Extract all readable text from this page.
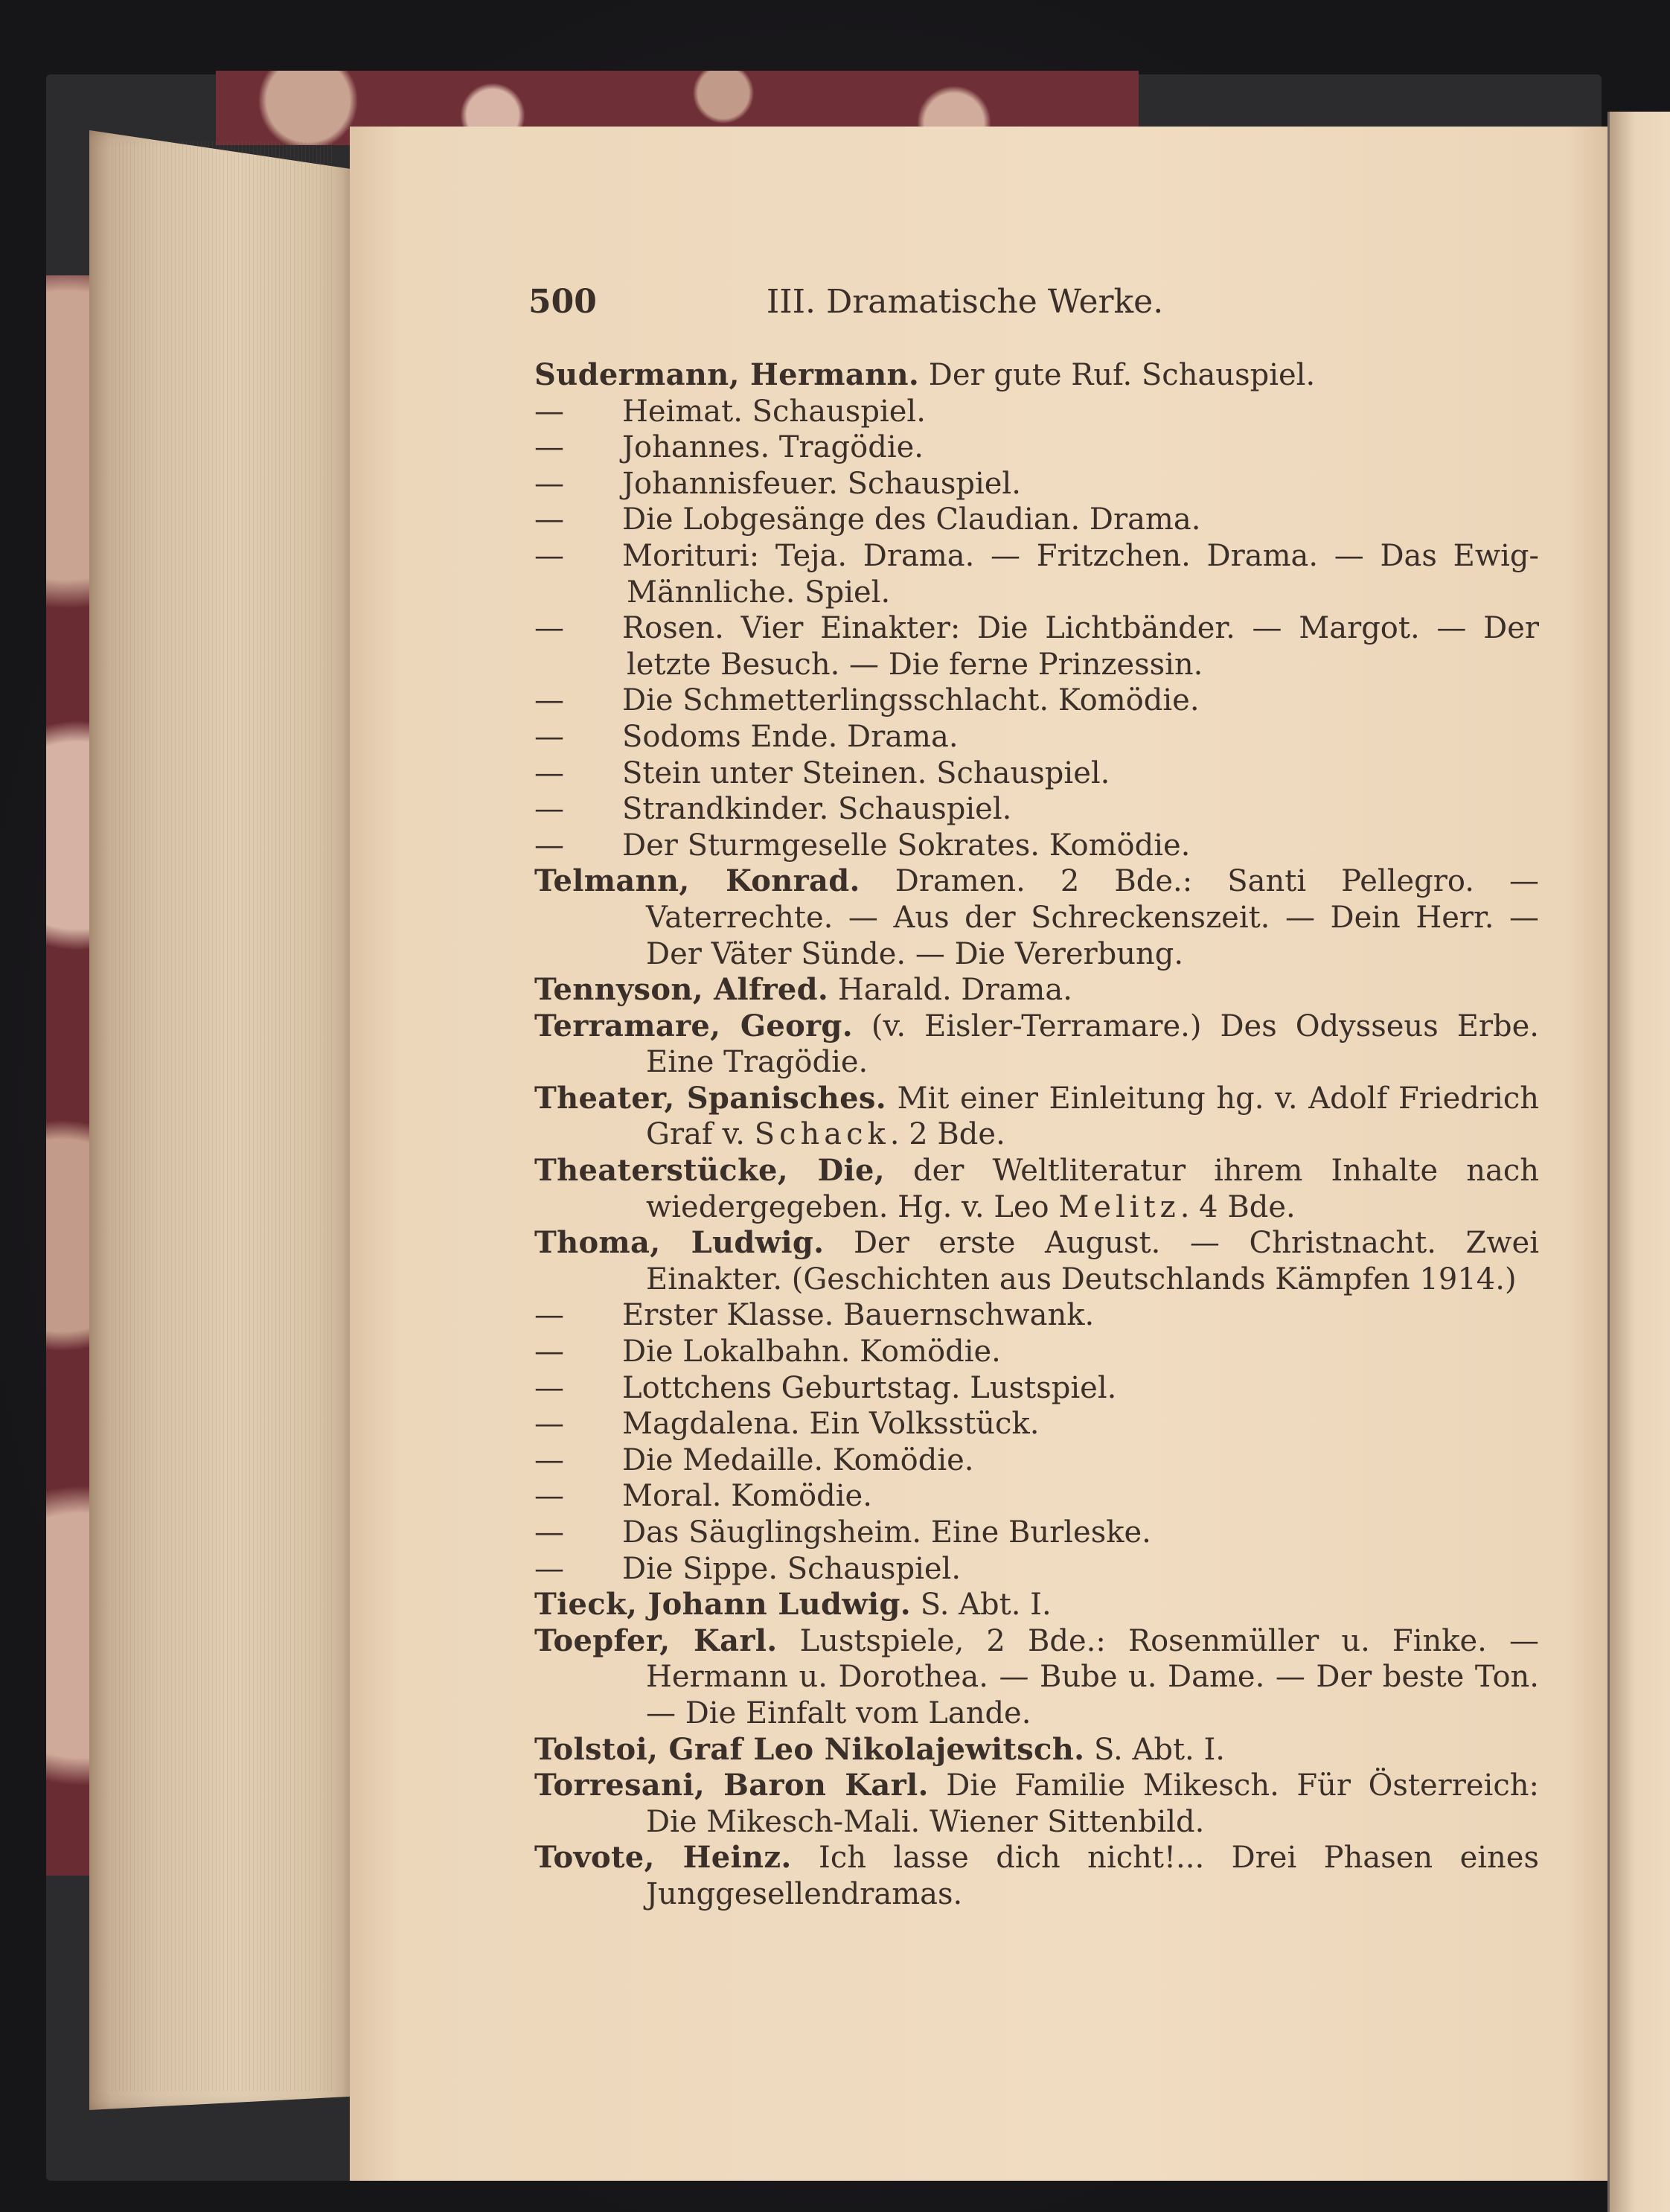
500	III. Dramatische Werke.
Sudermann, Hermann. Der gute Ruf. Schauspiel.
— Heimat. Schauspiel.
— Johannes. Tragödie.
— Johannisfeuer. Schauspiel.
— Die Lobgesänge des Claudian. Drama.
— Morituri: Teja. Drama. — Fritzchen. Drama. — Das Ewig-Männliche. Spiel.
— Rosen. Vier Einakter: Die Lichtbänder. — Margot. — Der letzte Besuch. — Die ferne Prinzessin.
— Die Schmetterlingsschlacht. Komödie.
— Sodoms Ende. Drama.
— Stein unter Steinen. Schauspiel.
— Strandkinder. Schauspiel.
— Der Sturmgeselle Sokrates. Komödie.
Telmann, Konrad. Dramen. 2 Bde.: Santi Pellegro. — Vaterrechte. — Aus der Schreckenszeit. — Dein Herr. — Der Väter Sünde. — Die Vererbung.
Tennyson, Alfred. Harald. Drama.
Terramare, Georg. (v. Eisler-Terramare.) Des Odysseus Erbe. Eine Tragödie.
Theater, Spanisches. Mit einer Einleitung hg. v. Adolf Friedrich Graf v. Schack. 2 Bde.
Theaterstücke, Die, der Weltliteratur ihrem Inhalte nach wiedergegeben. Hg. v. Leo Melitz. 4 Bde.
Thoma, Ludwig. Der erste August. — Christnacht. Zwei Einakter. (Geschichten aus Deutschlands Kämpfen 1914.)
— Erster Klasse. Bauernschwank.
— Die Lokalbahn. Komödie.
— Lottchens Geburtstag. Lustspiel.
— Magdalena. Ein Volksstück.
— Die Medaille. Komödie.
— Moral. Komödie.
— Das Säuglingsheim. Eine Burleske.
— Die Sippe. Schauspiel.
Tieck, Johann Ludwig. S. Abt. I.
Toepfer, Karl. Lustspiele, 2 Bde.: Rosenmüller u. Finke. — Hermann u. Dorothea. — Bube u. Dame. — Der beste Ton. — Die Einfalt vom Lande.
Tolstoi, Graf Leo Nikolajewitsch. S. Abt. I.
Torresani, Baron Karl. Die Familie Mikesch. Für Österreich: Die Mikesch-Mali. Wiener Sittenbild.
Tovote, Heinz. Ich lasse dich nicht!... Drei Phasen eines Junggesellendramas.
